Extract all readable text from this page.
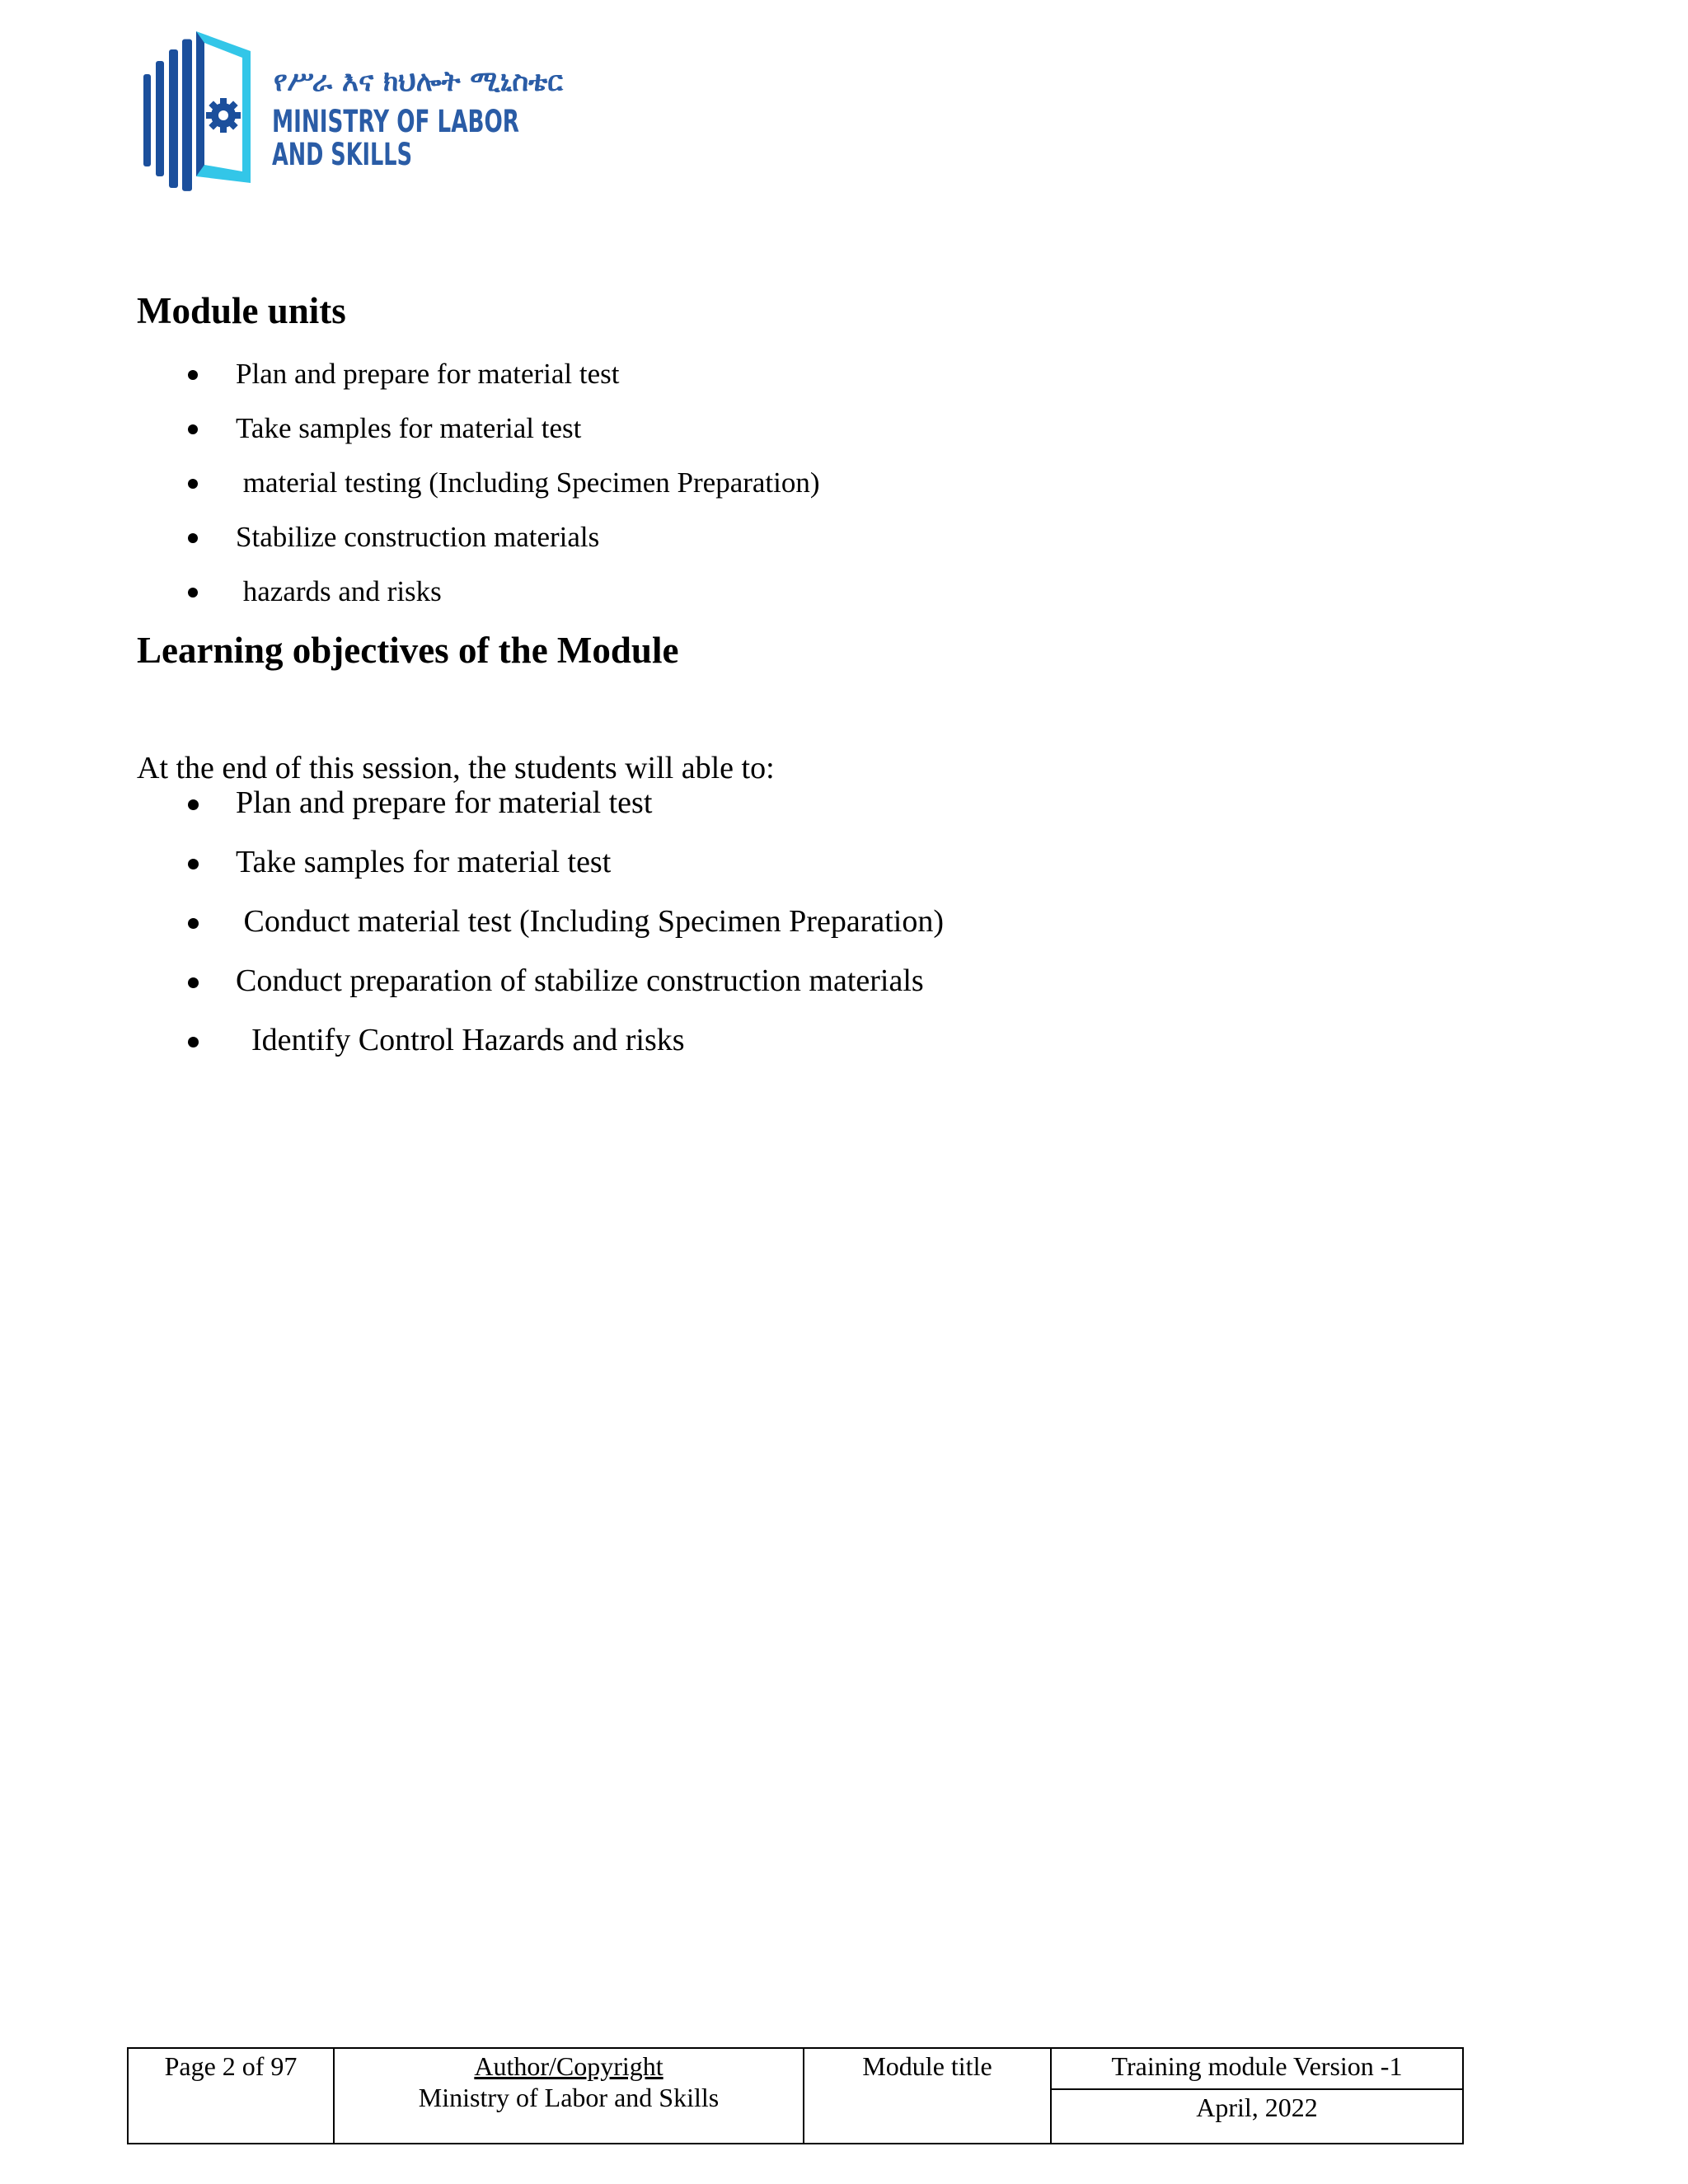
የሥራ እና ክህሎት ሚኒስቴር
MINISTRY OF LABOR
AND SKILLS
Module units
Plan and prepare for material test
Take samples for material test
material testing (Including Specimen Preparation)
Stabilize construction materials
hazards and risks
Learning objectives of the Module

At the end of this session, the students will able to:

Plan and prepare for material test
Take samples for material test
Conduct material test (Including Specimen Preparation)
Conduct preparation of stabilize construction materials
Identify Control Hazards and risks
Page 2 of 97	Author/Copyright
Ministry of Labor and Skills
	Module title	Training module Version -1
April, 2022
